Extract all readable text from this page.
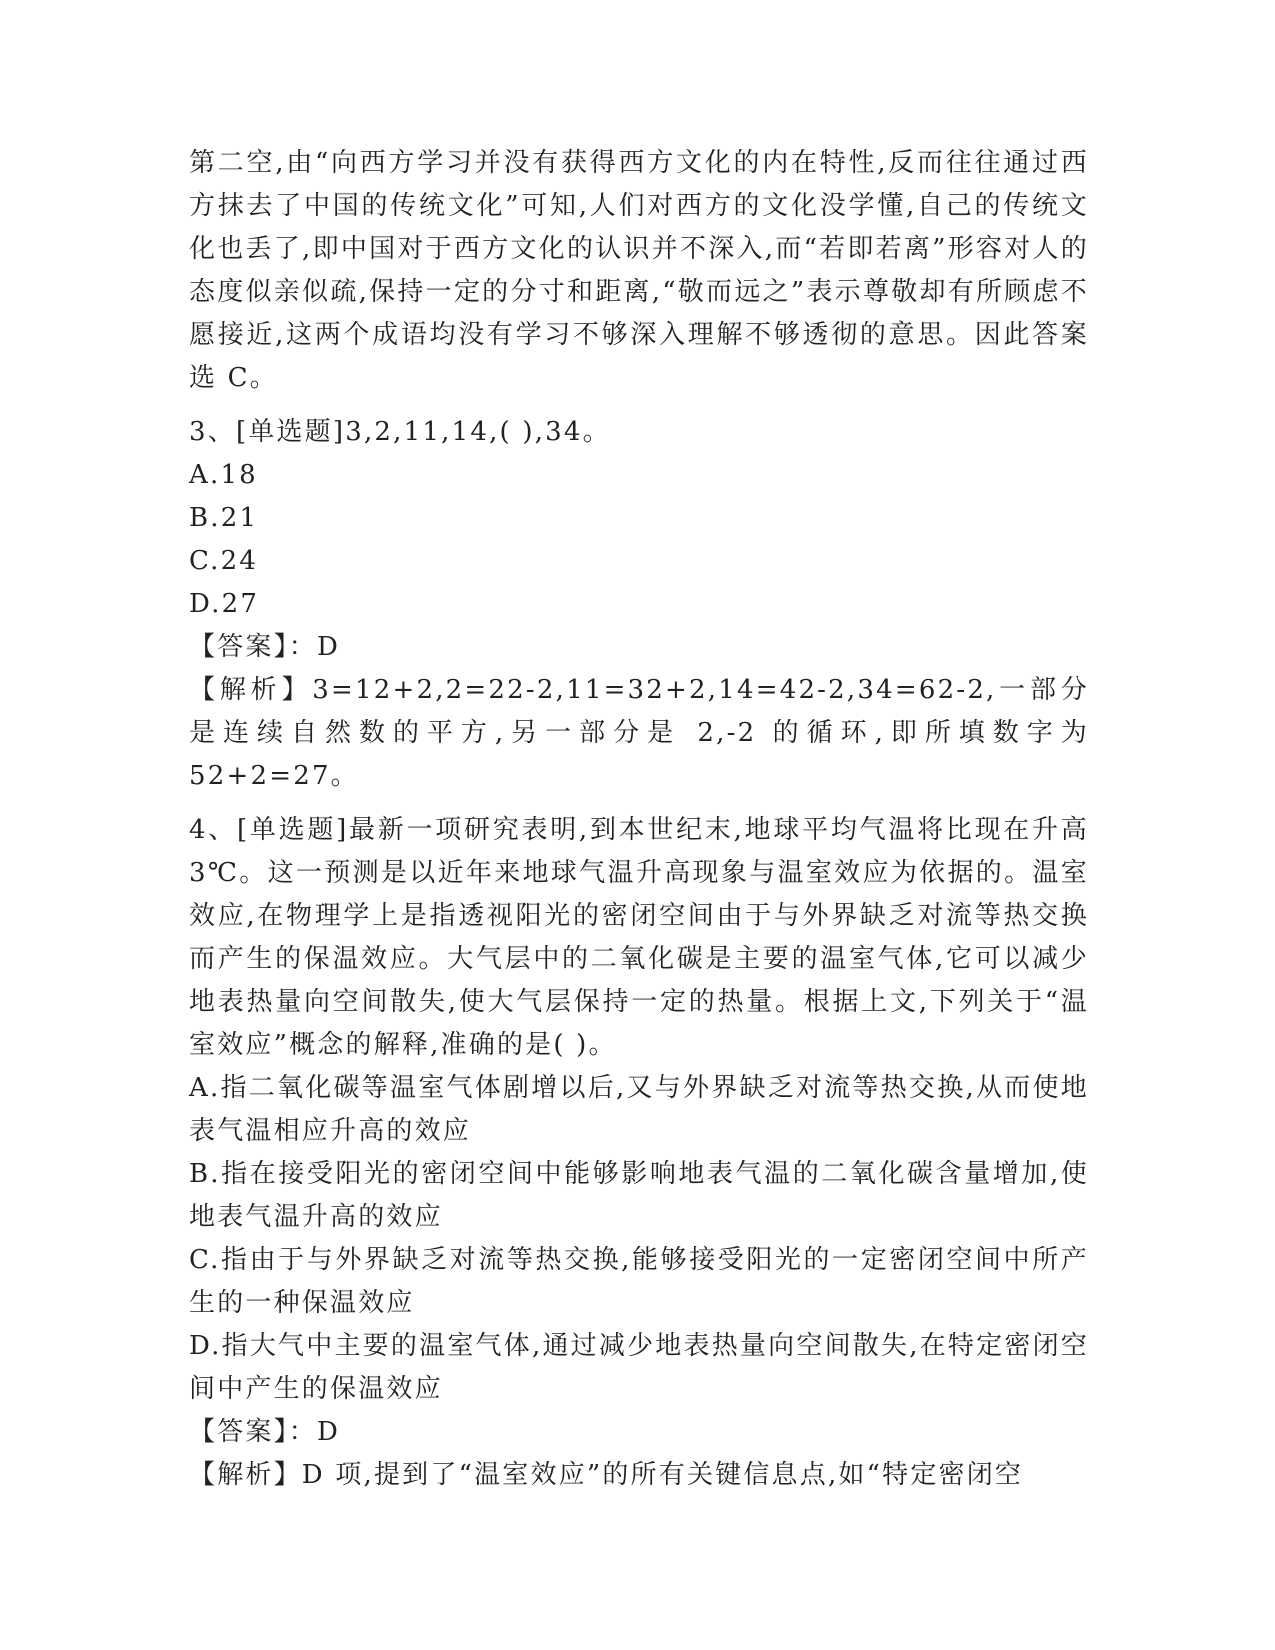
第二空,由“向西方学习并没有获得西方文化的内在特性,反而往往通过西方抹去了中国的传统文化”可知,人们对西方的文化没学懂,自己的传统文化也丢了,即中国对于西方文化的认识并不深入,而“若即若离”形容对人的态度似亲似疏,保持一定的分寸和距离,“敬而远之”表示尊敬却有所顾虑不愿接近,这两个成语均没有学习不够深入理解不够透彻的意思。因此答案选 C。

3、[单选题]3,2,11,14,( ),34。

A.18

B.21

C.24

D.27

【答案】：D

【解析】3=12+2,2=22-2,11=32+2,14=42-2,34=62-2,一部分是连续自然数的平方,另一部分是 2,-2 的循环,即所填数字为 52+2=27。

4、[单选题]最新一项研究表明,到本世纪末,地球平均气温将比现在升高 3℃。这一预测是以近年来地球气温升高现象与温室效应为依据的。温室效应,在物理学上是指透视阳光的密闭空间由于与外界缺乏对流等热交换而产生的保温效应。大气层中的二氧化碳是主要的温室气体,它可以减少地表热量向空间散失,使大气层保持一定的热量。根据上文,下列关于“温室效应”概念的解释,准确的是( )。

A.指二氧化碳等温室气体剧增以后,又与外界缺乏对流等热交换,从而使地表气温相应升高的效应

B.指在接受阳光的密闭空间中能够影响地表气温的二氧化碳含量增加,使地表气温升高的效应

C.指由于与外界缺乏对流等热交换,能够接受阳光的一定密闭空间中所产生的一种保温效应

D.指大气中主要的温室气体,通过减少地表热量向空间散失,在特定密闭空间中产生的保温效应

【答案】：D

【解析】D 项,提到了“温室效应”的所有关键信息点,如“特定密闭空
